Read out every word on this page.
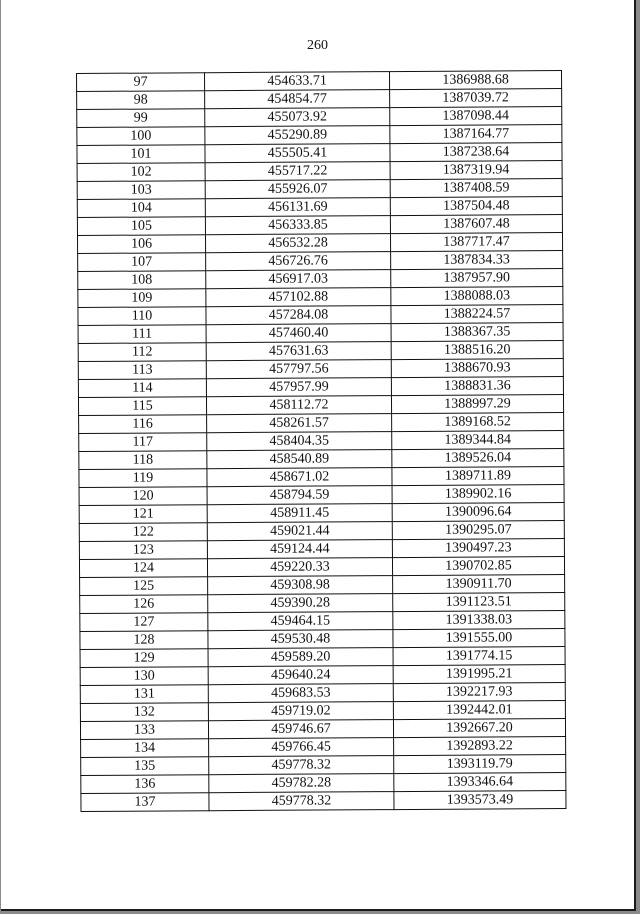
260
97	454633.71	1386988.68
98	454854.77	1387039.72
99	455073.92	1387098.44
100	455290.89	1387164.77
101	455505.41	1387238.64
102	455717.22	1387319.94
103	455926.07	1387408.59
104	456131.69	1387504.48
105	456333.85	1387607.48
106	456532.28	1387717.47
107	456726.76	1387834.33
108	456917.03	1387957.90
109	457102.88	1388088.03
110	457284.08	1388224.57
111	457460.40	1388367.35
112	457631.63	1388516.20
113	457797.56	1388670.93
114	457957.99	1388831.36
115	458112.72	1388997.29
116	458261.57	1389168.52
117	458404.35	1389344.84
118	458540.89	1389526.04
119	458671.02	1389711.89
120	458794.59	1389902.16
121	458911.45	1390096.64
122	459021.44	1390295.07
123	459124.44	1390497.23
124	459220.33	1390702.85
125	459308.98	1390911.70
126	459390.28	1391123.51
127	459464.15	1391338.03
128	459530.48	1391555.00
129	459589.20	1391774.15
130	459640.24	1391995.21
131	459683.53	1392217.93
132	459719.02	1392442.01
133	459746.67	1392667.20
134	459766.45	1392893.22
135	459778.32	1393119.79
136	459782.28	1393346.64
137	459778.32	1393573.49
